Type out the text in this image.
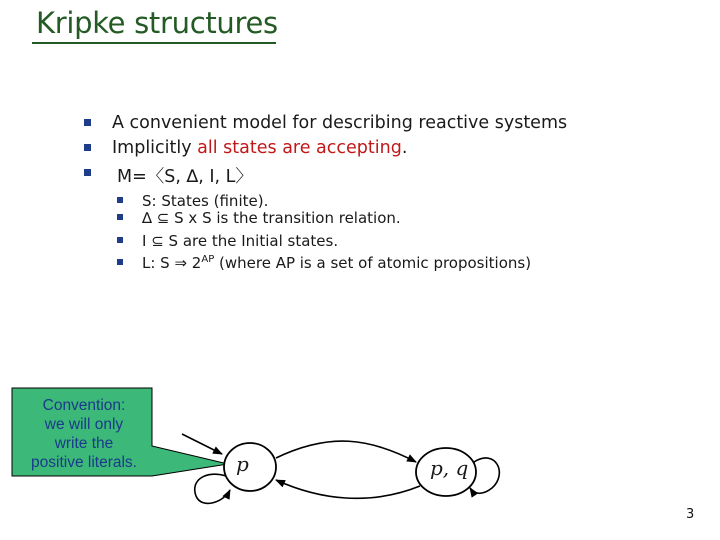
Kripke structures
A convenient model for describing reactive systems
Implicitly all states are accepting.
M=〈S, ∆, I, L〉
S: States (finite).
∆ ⊆ S x S is the transition relation.
I ⊆ S are the Initial states.
L: S ⇒ $2^{AP}$ (where AP is a set of atomic propositions)
Convention:
we will only
write the
positive literals.	p	p, q
3
